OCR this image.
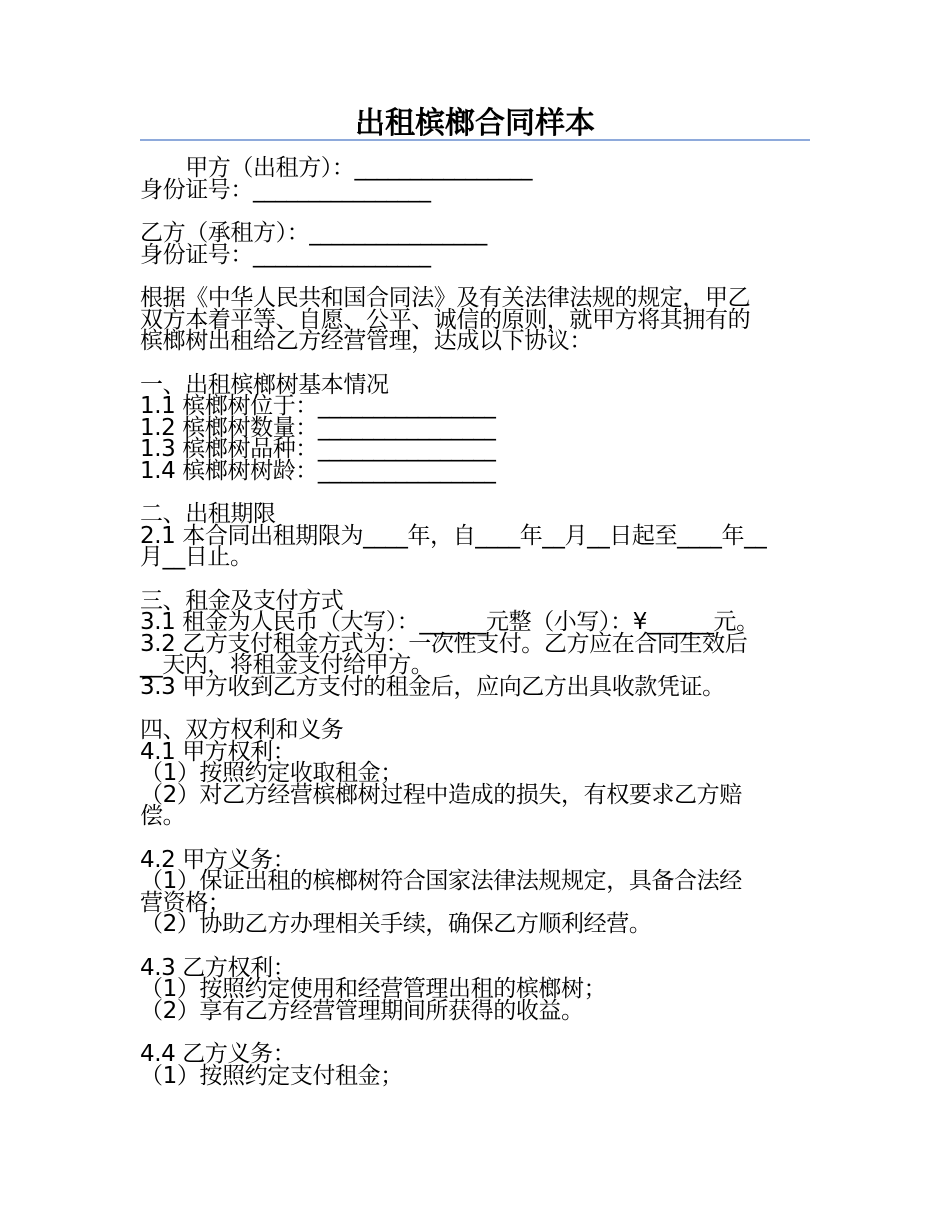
出租槟榔合同样本

　　甲方（出租方）：________________

身份证号：________________

乙方（承租方）：________________

身份证号：________________

根据《中华人民共和国合同法》及有关法律法规的规定，甲乙

双方本着平等、自愿、公平、诚信的原则，就甲方将其拥有的

槟榔树出租给乙方经营管理，达成以下协议：

一、出租槟榔树基本情况

1.1 槟榔树位于：________________

1.2 槟榔树数量：________________

1.3 槟榔树品种：________________

1.4 槟榔树树龄：________________

二、出租期限

2.1 本合同出租期限为____年，自____年__月__日起至____年__

月__日止。

三、租金及支付方式

3.1 租金为人民币（大写）：______元整（小写）：¥______元。

3.2 乙方支付租金方式为：一次性支付。乙方应在合同生效后

__天内，将租金支付给甲方。

3.3 甲方收到乙方支付的租金后，应向乙方出具收款凭证。

四、双方权利和义务

4.1 甲方权利：

（1）按照约定收取租金；

（2）对乙方经营槟榔树过程中造成的损失，有权要求乙方赔

偿。

4.2 甲方义务：

（1）保证出租的槟榔树符合国家法律法规规定，具备合法经

营资格；

（2）协助乙方办理相关手续，确保乙方顺利经营。

4.3 乙方权利：

（1）按照约定使用和经营管理出租的槟榔树；

（2）享有乙方经营管理期间所获得的收益。

4.4 乙方义务：

（1）按照约定支付租金；
